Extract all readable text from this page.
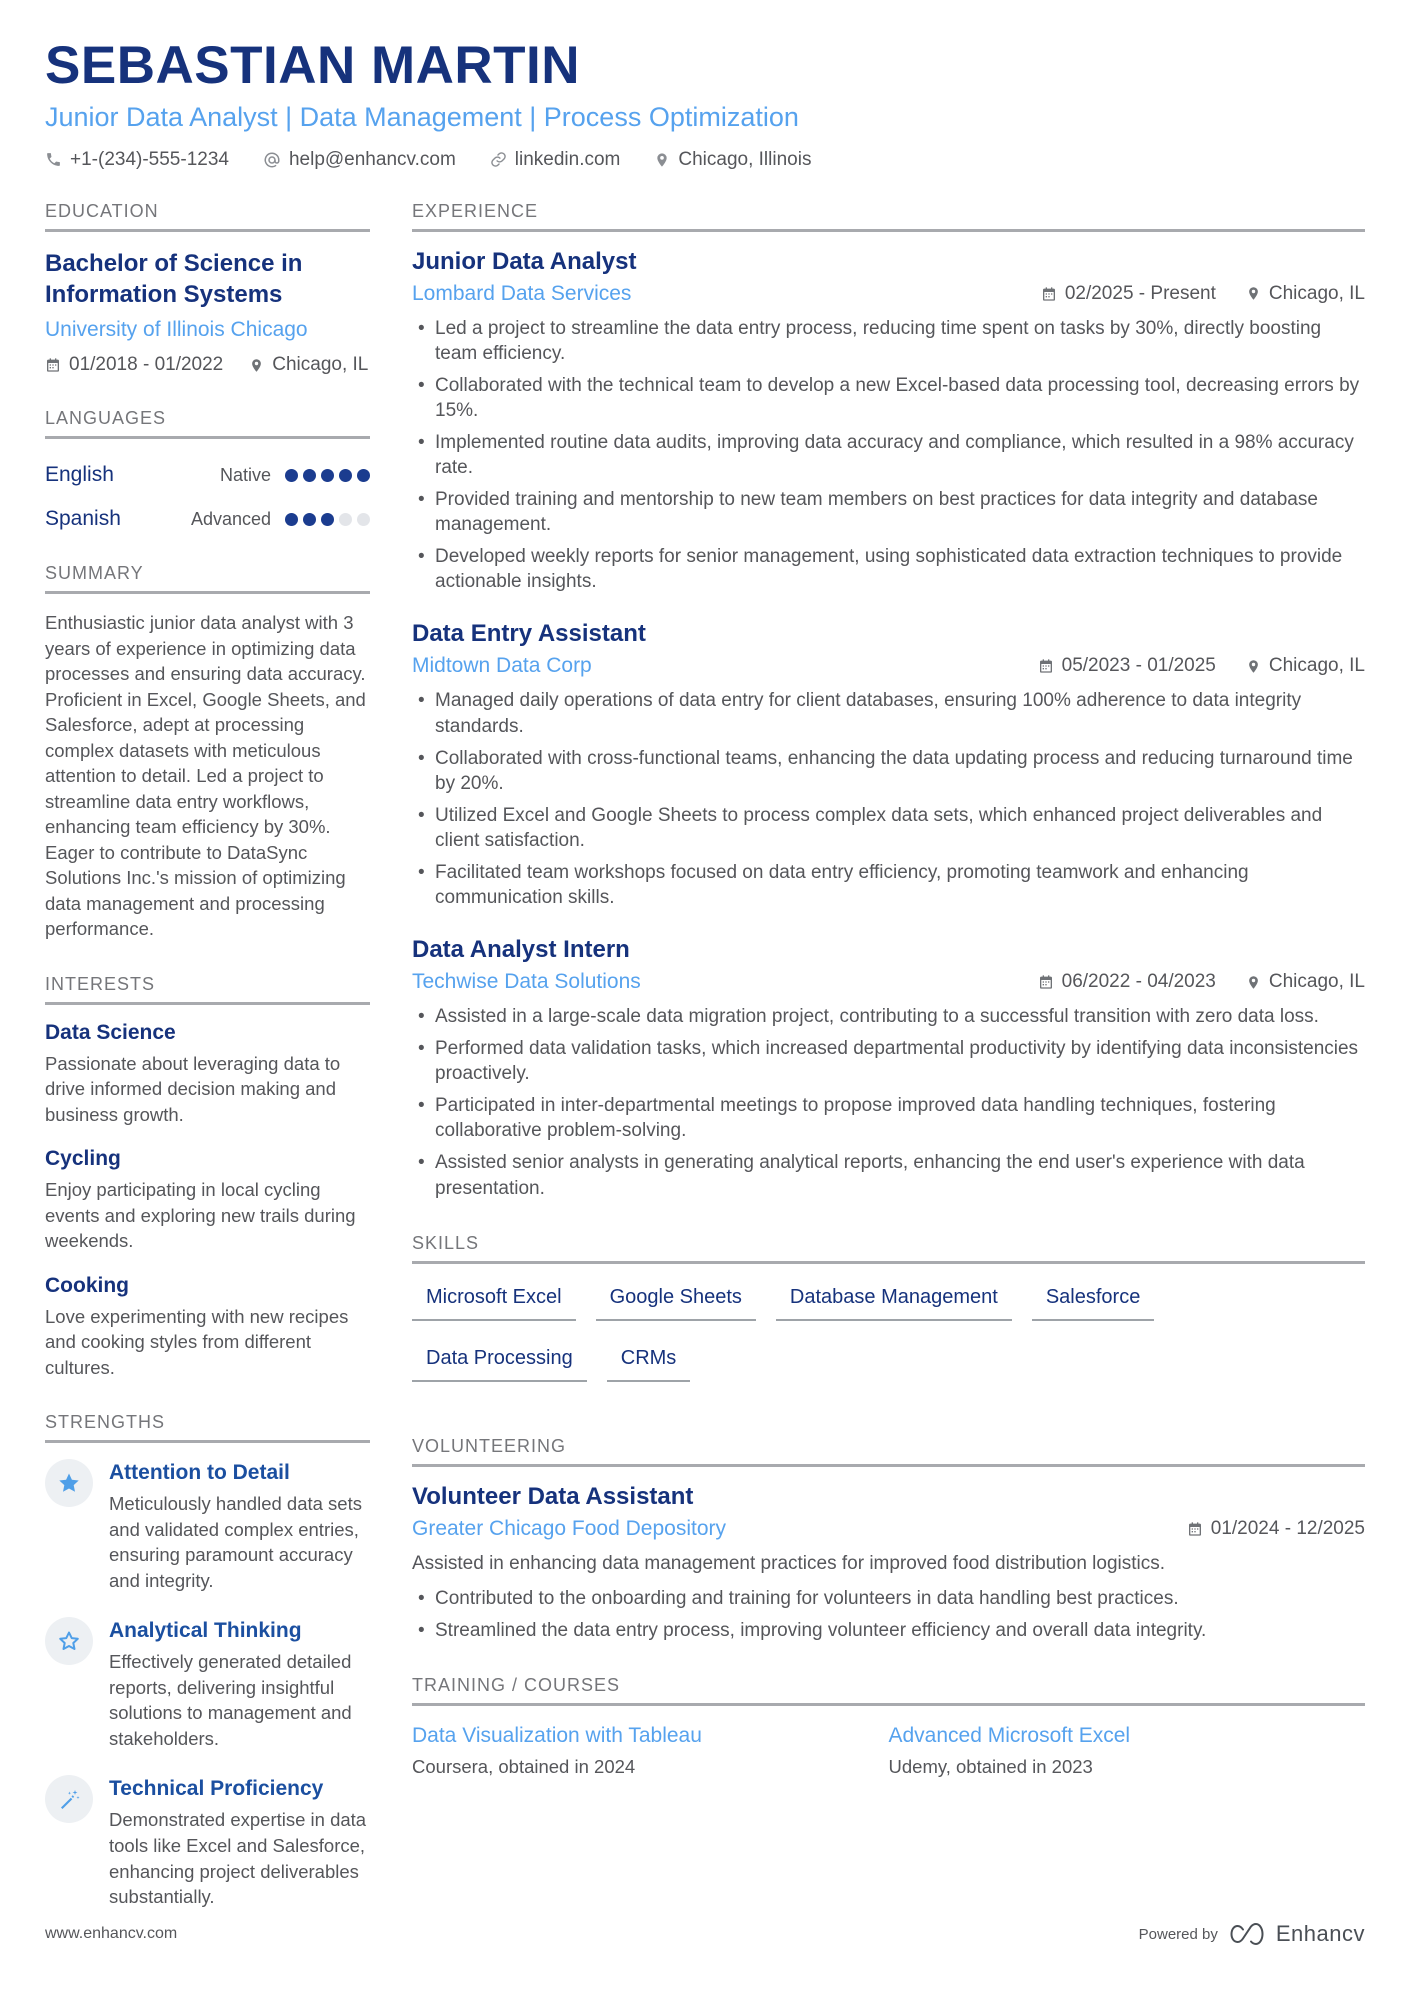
SEBASTIAN MARTIN

Junior Data Analyst | Data Management | Process Optimization

+1-(234)-555-1234	help@enhancv.com	linkedin.com	Chicago, Illinois
EDUCATION
Bachelor of Science in Information Systems

University of Illinois Chicago

01/2018 - 01/2022	Chicago, IL
LANGUAGES
English	Native
Spanish	Advanced
SUMMARY

Enthusiastic junior data analyst with 3 years of experience in optimizing data processes and ensuring data accuracy. Proficient in Excel, Google Sheets, and Salesforce, adept at processing complex datasets with meticulous attention to detail. Led a project to streamline data entry workflows, enhancing team efficiency by 30%. Eager to contribute to DataSync Solutions Inc.'s mission of optimizing data management and processing performance.

INTERESTS
Data Science

Passionate about leveraging data to drive informed decision making and business growth.

Cycling

Enjoy participating in local cycling events and exploring new trails during weekends.

Cooking

Love experimenting with new recipes and cooking styles from different cultures.

STRENGTHS
Attention to Detail

Meticulously handled data sets and validated complex entries, ensuring paramount accuracy and integrity.

Analytical Thinking

Effectively generated detailed reports, delivering insightful solutions to management and stakeholders.

Technical Proficiency

Demonstrated expertise in data tools like Excel and Salesforce, enhancing project deliverables substantially.

EXPERIENCE
Junior Data Analyst
Lombard Data Services	02/2025 - Present	Chicago, IL
• Led a project to streamline the data entry process, reducing time spent on tasks by 30%, directly boosting team efficiency.
• Collaborated with the technical team to develop a new Excel-based data processing tool, decreasing errors by 15%.
• Implemented routine data audits, improving data accuracy and compliance, which resulted in a 98% accuracy rate.
• Provided training and mentorship to new team members on best practices for data integrity and database management.
• Developed weekly reports for senior management, using sophisticated data extraction techniques to provide actionable insights.
Data Entry Assistant
Midtown Data Corp	05/2023 - 01/2025	Chicago, IL
• Managed daily operations of data entry for client databases, ensuring 100% adherence to data integrity standards.
• Collaborated with cross-functional teams, enhancing the data updating process and reducing turnaround time by 20%.
• Utilized Excel and Google Sheets to process complex data sets, which enhanced project deliverables and client satisfaction.
• Facilitated team workshops focused on data entry efficiency, promoting teamwork and enhancing communication skills.
Data Analyst Intern
Techwise Data Solutions	06/2022 - 04/2023	Chicago, IL
• Assisted in a large-scale data migration project, contributing to a successful transition with zero data loss.
• Performed data validation tasks, which increased departmental productivity by identifying data inconsistencies proactively.
• Participated in inter-departmental meetings to propose improved data handling techniques, fostering collaborative problem-solving.
• Assisted senior analysts in generating analytical reports, enhancing the end user's experience with data presentation.
SKILLS
Microsoft Excel	Google Sheets	Database Management	Salesforce
Data Processing	CRMs
VOLUNTEERING
Volunteer Data Assistant
Greater Chicago Food Depository	01/2024 - 12/2025

Assisted in enhancing data management practices for improved food distribution logistics.

• Contributed to the onboarding and training for volunteers in data handling best practices.
• Streamlined the data entry process, improving volunteer efficiency and overall data integrity.
TRAINING / COURSES
Data Visualization with Tableau

Coursera, obtained in 2024

Advanced Microsoft Excel

Udemy, obtained in 2023

www.enhancv.com	Powered by	Enhancv
